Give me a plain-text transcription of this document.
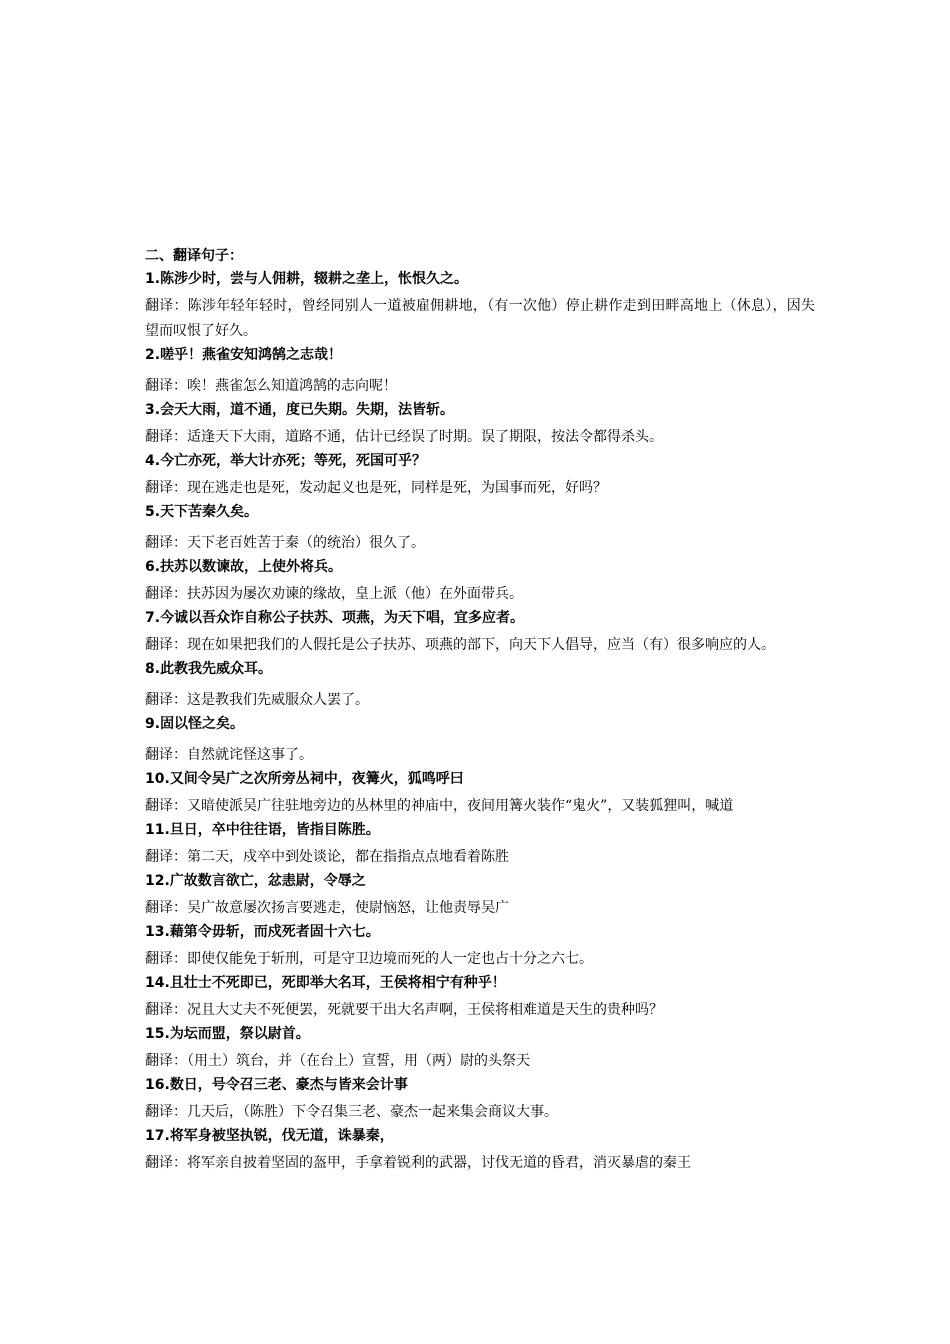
二、翻译句子：
1.陈涉少时，尝与人佣耕，辍耕之垄上，怅恨久之。
翻译：陈涉年轻年轻时，曾经同别人一道被雇佣耕地，（有一次他）停止耕作走到田畔高地上（休息），因失望而叹恨了好久。
2.嗟乎！燕雀安知鸿鹄之志哉！
翻译：唉！燕雀怎么知道鸿鹄的志向呢！
3.会天大雨，道不通，度已失期。失期，法皆斩。
翻译：适逢天下大雨，道路不通，估计已经误了时期。误了期限，按法令都得杀头。
4.今亡亦死，举大计亦死；等死，死国可乎？
翻译：现在逃走也是死，发动起义也是死，同样是死，为国事而死，好吗？
5.天下苦秦久矣。
翻译：天下老百姓苦于秦（的统治）很久了。
6.扶苏以数谏故，上使外将兵。
翻译：扶苏因为屡次劝谏的缘故，皇上派（他）在外面带兵。
7.今诚以吾众诈自称公子扶苏、项燕，为天下唱，宜多应者。
翻译：现在如果把我们的人假托是公子扶苏、项燕的部下，向天下人倡导，应当（有）很多响应的人。
8.此教我先威众耳。
翻译：这是教我们先威服众人罢了。
9.固以怪之矣。
翻译：自然就诧怪这事了。
10.又间令吴广之次所旁丛祠中，夜篝火，狐鸣呼曰
翻译：又暗使派吴广往驻地旁边的丛林里的神庙中，夜间用篝火装作“鬼火”，又装狐狸叫，喊道
11.旦日，卒中往往语，皆指目陈胜。
翻译：第二天，戍卒中到处谈论，都在指指点点地看着陈胜
12.广故数言欲亡，忿恚尉，令辱之
翻译：吴广故意屡次扬言要逃走，使尉恼怒，让他责辱吴广
13.藉第令毋斩，而戍死者固十六七。
翻译：即使仅能免于斩刑，可是守卫边境而死的人一定也占十分之六七。
14.且壮士不死即已，死即举大名耳，王侯将相宁有种乎！
翻译：况且大丈夫不死便罢，死就要干出大名声啊，王侯将相难道是天生的贵种吗？
15.为坛而盟，祭以尉首。
翻译：（用土）筑台，并（在台上）宣誓，用（两）尉的头祭天
16.数日，号令召三老、豪杰与皆来会计事
翻译：几天后，（陈胜）下令召集三老、豪杰一起来集会商议大事。
17.将军身被坚执锐，伐无道，诛暴秦，
翻译：将军亲自披着坚固的盔甲，手拿着锐利的武器，讨伐无道的昏君，消灭暴虐的秦王
